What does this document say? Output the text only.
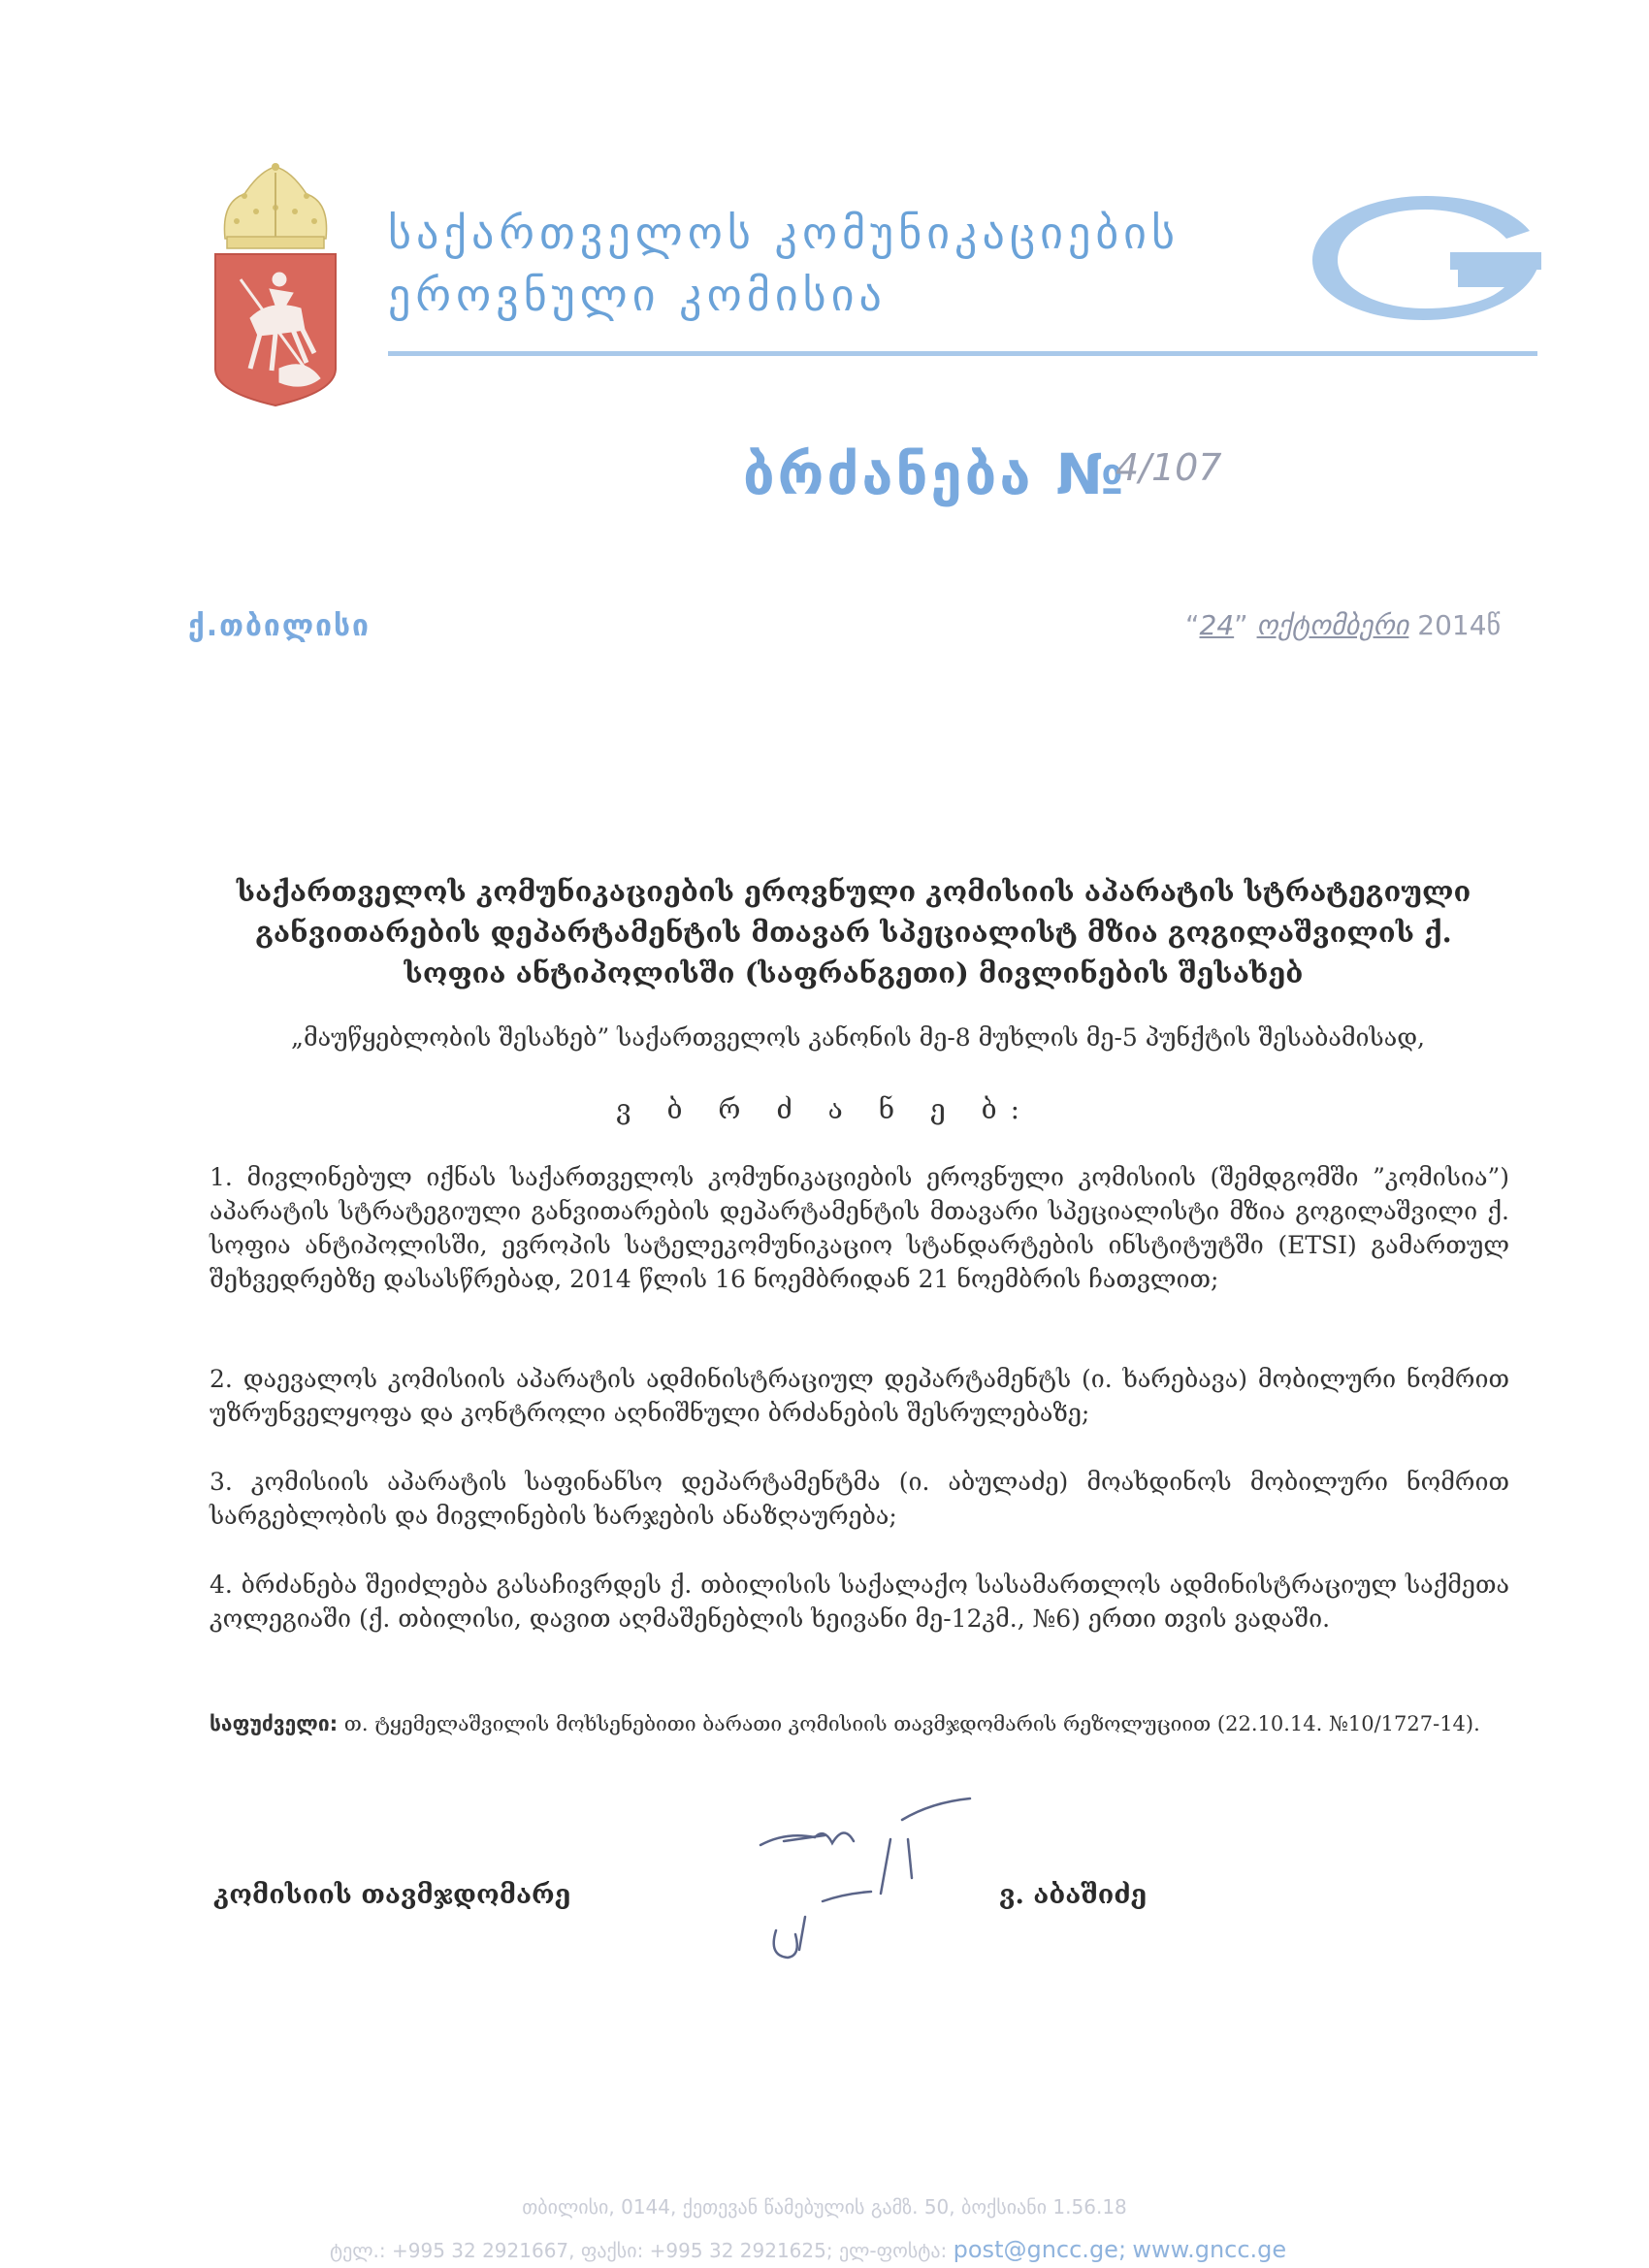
საქართველოს კომუნიკაციების
ეროვნული კომისია
ბრძანება №
4/107
ქ.თბილისი	“24” ოქტომბერი 2014წ
საქართველოს კომუნიკაციების ეროვნული კომისიის აპარატის სტრატეგიული განვითარების დეპარტამენტის მთავარ სპეციალისტ მზია გოგილაშვილის ქ. სოფია ანტიპოლისში (საფრანგეთი) მივლინების შესახებ
„მაუწყებლობის შესახებ” საქართველოს კანონის მე-8 მუხლის მე-5 პუნქტის შესაბამისად,
ვ ბ რ ძ ა ნ ე ბ:
1. მივლინებულ იქნას საქართველოს კომუნიკაციების ეროვნული კომისიის (შემდგომში ”კომისია”) აპარატის სტრატეგიული განვითარების დეპარტამენტის მთავარი სპეციალისტი მზია გოგილაშვილი ქ. სოფია ანტიპოლისში, ევროპის სატელეკომუნიკაციო სტანდარტების ინსტიტუტში (ETSI) გამართულ შეხვედრებზე დასასწრებად, 2014 წლის 16 ნოემბრიდან 21 ნოემბრის ჩათვლით;
2. დაევალოს კომისიის აპარატის ადმინისტრაციულ დეპარტამენტს (ი. ხარებავა) მობილური ნომრით უზრუნველყოფა და კონტროლი აღნიშნული ბრძანების შესრულებაზე;
3. კომისიის აპარატის საფინანსო დეპარტამენტმა (ი. აბულაძე) მოახდინოს მობილური ნომრით სარგებლობის და მივლინების ხარჯების ანაზღაურება;
4. ბრძანება შეიძლება გასაჩივრდეს ქ. თბილისის საქალაქო სასამართლოს ადმინისტრაციულ საქმეთა კოლეგიაში (ქ. თბილისი, დავით აღმაშენებლის ხეივანი მე-12კმ., №6) ერთი თვის ვადაში.
საფუძველი: თ. ტყემელაშვილის მოხსენებითი ბარათი კომისიის თავმჯდომარის რეზოლუციით (22.10.14. №10/1727-14).
კომისიის თავმჯდომარე	ვ. აბაშიძე
თბილისი, 0144, ქეთევან წამებულის გამზ. 50, ბოქსიანი 1.56.18
ტელ.: +995 32 2921667, ფაქსი: +995 32 2921625; ელ-ფოსტა: post@gncc.ge; www.gncc.ge
